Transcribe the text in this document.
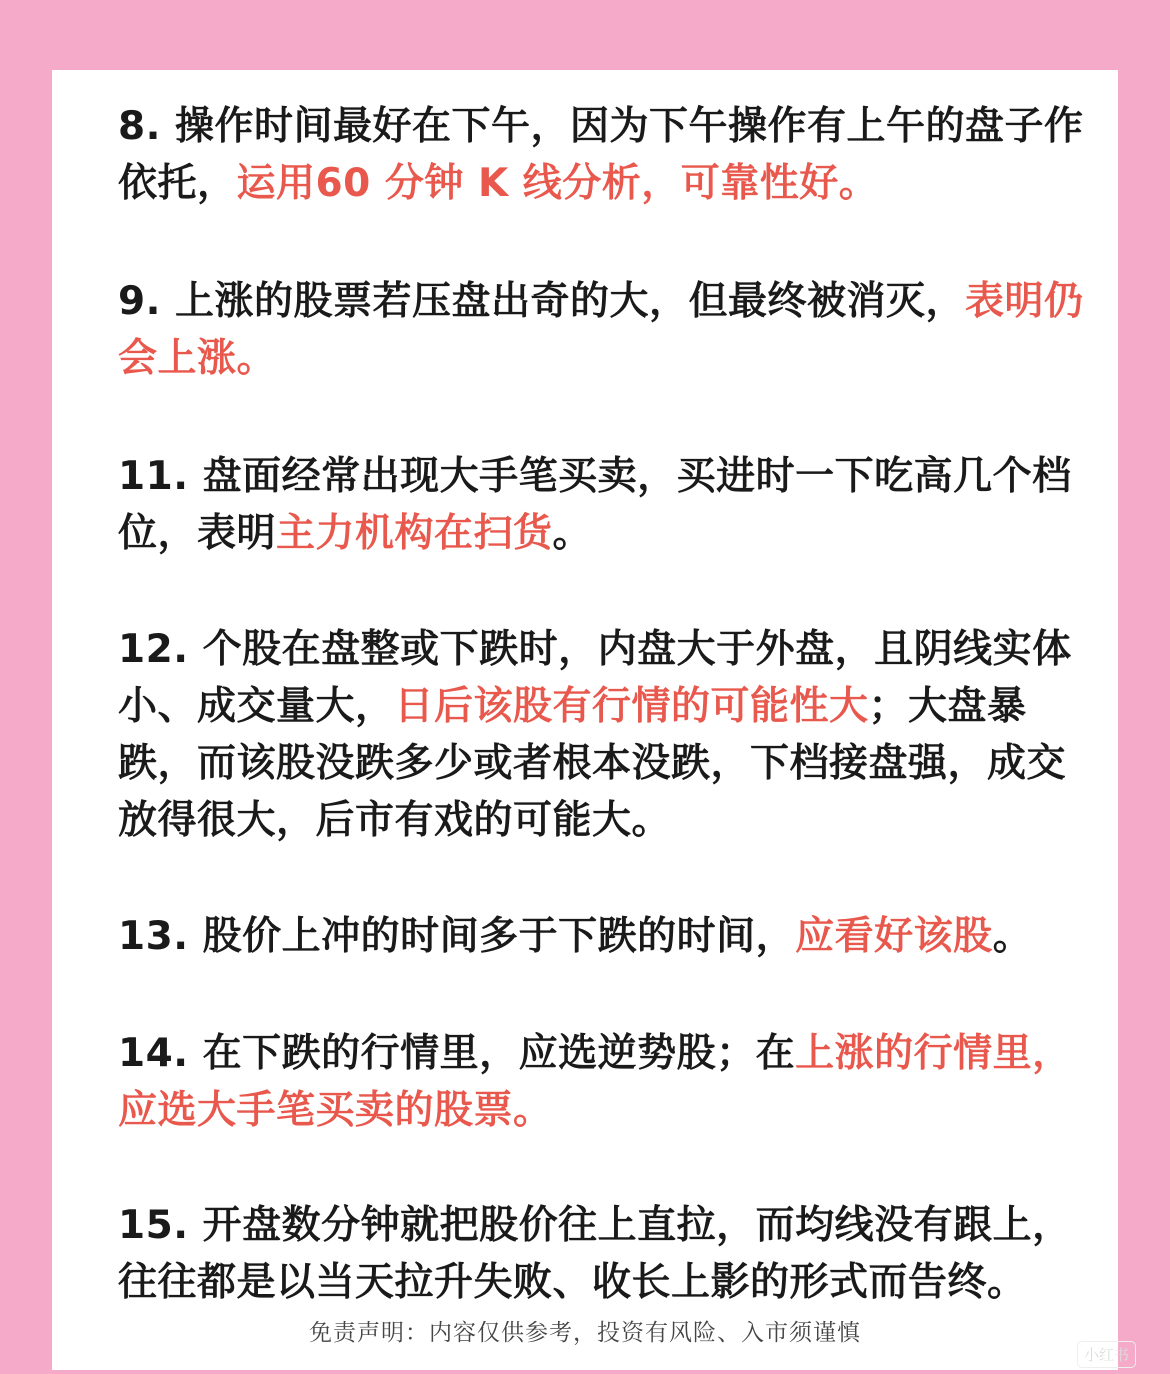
8. 操作时间最好在下午，因为下午操作有上午的盘子作依托，运用60 分钟 K 线分析，可靠性好。

9. 上涨的股票若压盘出奇的大，但最终被消灭，表明仍会上涨。

11. 盘面经常出现大手笔买卖，买进时一下吃高几个档位，表明主力机构在扫货。

12. 个股在盘整或下跌时，内盘大于外盘，且阴线实体小、成交量大，日后该股有行情的可能性大；大盘暴跌，而该股没跌多少或者根本没跌，下档接盘强，成交放得很大，后市有戏的可能大。

13. 股价上冲的时间多于下跌的时间，应看好该股。

14. 在下跌的行情里，应选逆势股；在上涨的行情里，应选大手笔买卖的股票。

15. 开盘数分钟就把股价往上直拉，而均线没有跟上，往往都是以当天拉升失败、收长上影的形式而告终。

免责声明：内容仅供参考，投资有风险、入市须谨慎
小红书
